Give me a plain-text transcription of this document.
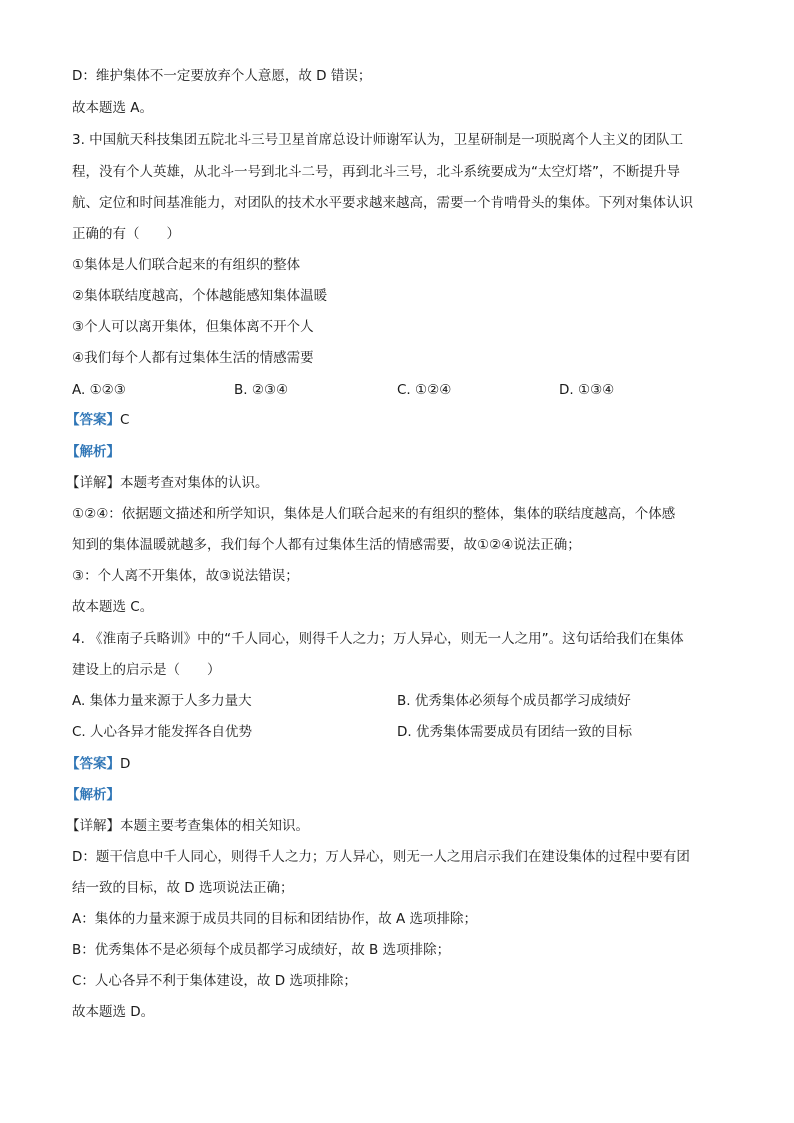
D：维护集体不一定要放弃个人意愿，故 D 错误；
故本题选 A。
3. 中国航天科技集团五院北斗三号卫星首席总设计师谢军认为，卫星研制是一项脱离个人主义的团队工
程，没有个人英雄，从北斗一号到北斗二号，再到北斗三号，北斗系统要成为“太空灯塔”，不断提升导
航、定位和时间基准能力，对团队的技术水平要求越来越高，需要一个肯啃骨头的集体。下列对集体认识
正确的有（　　）
①集体是人们联合起来的有组织的整体
②集体联结度越高，个体越能感知集体温暖
③个人可以离开集体，但集体离不开个人
④我们每个人都有过集体生活的情感需要
A. ①②③	B. ②③④	C. ①②④	D. ①③④
【答案】C
【解析】
【详解】本题考查对集体的认识。
①②④：依据题文描述和所学知识，集体是人们联合起来的有组织的整体，集体的联结度越高，个体感
知到的集体温暖就越多，我们每个人都有过集体生活的情感需要，故①②④说法正确；
③：个人离不开集体，故③说法错误；
故本题选 C。
4. 《淮南子兵略训》中的“千人同心，则得千人之力；万人异心，则无一人之用”。这句话给我们在集体
建设上的启示是（　　）
A. 集体力量来源于人多力量大	B. 优秀集体必须每个成员都学习成绩好
C. 人心各异才能发挥各自优势	D. 优秀集体需要成员有团结一致的目标
【答案】D
【解析】
【详解】本题主要考查集体的相关知识。
D：题干信息中千人同心，则得千人之力；万人异心，则无一人之用启示我们在建设集体的过程中要有团
结一致的目标，故 D 选项说法正确；
A：集体的力量来源于成员共同的目标和团结协作，故 A 选项排除；
B：优秀集体不是必须每个成员都学习成绩好，故 B 选项排除；
C：人心各异不利于集体建设，故 D 选项排除；
故本题选 D。
